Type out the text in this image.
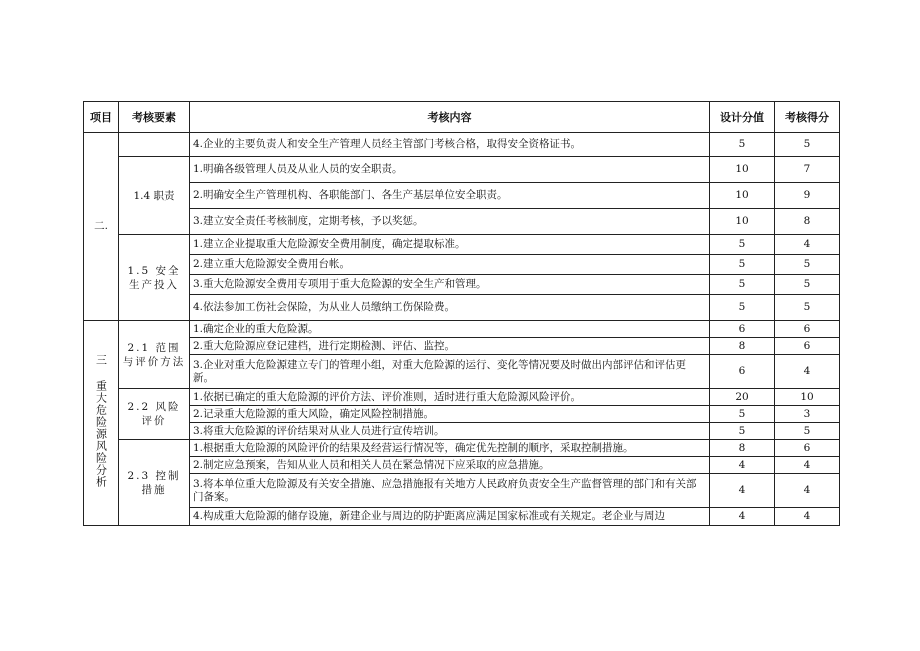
项目	考核要素	考核内容	设计分值	考核得分
二.		4.企业的主要负责人和安全生产管理人员经主管部门考核合格，取得安全资格证书。	5	5

	1.4 职责	1.明确各级管理人员及从业人员的安全职责。	10	7
		2.明确安全生产管理机构、各职能部门、各生产基层单位安全职责。	10	9
		3.建立安全责任考核制度，定期考核，予以奖惩。	10	8

	1.5 安全生产投入	1.建立企业提取重大危险源安全费用制度，确定提取标准。	5	4
		2.建立重大危险源安全费用台帐。	5	5
		3.重大危险源安全费用专项用于重大危险源的安全生产和管理。	5	5
		4.依法参加工伤社会保险，为从业人员缴纳工伤保险费。	5	5
三 重大危险源风险分析	2.1 范围与评价方法	1.确定企业的重大危险源。	6	6
		2.重大危险源应登记建档，进行定期检测、评估、监控。	8	6
		3.企业对重大危险源建立专门的管理小组，对重大危险源的运行、变化等情况要及时做出内部评估和评估更新。	6	4

	2.2 风险评价	1.依据已确定的重大危险源的评价方法、评价准则，适时进行重大危险源风险评价。	20	10
		2.记录重大危险源的重大风险，确定风险控制措施。	5	3
		3.将重大危险源的评价结果对从业人员进行宣传培训。	5	5

	2.3 控制措施	1.根据重大危险源的风险评价的结果及经营运行情况等，确定优先控制的顺序，采取控制措施。	8	6
		2.制定应急预案，告知从业人员和相关人员在紧急情况下应采取的应急措施。	4	4
		3.将本单位重大危险源及有关安全措施、应急措施报有关地方人民政府负责安全生产监督管理的部门和有关部门备案。	4	4
		4.构成重大危险源的储存设施，新建企业与周边的防护距离应满足国家标准或有关规定。老企业与周边	4	4
